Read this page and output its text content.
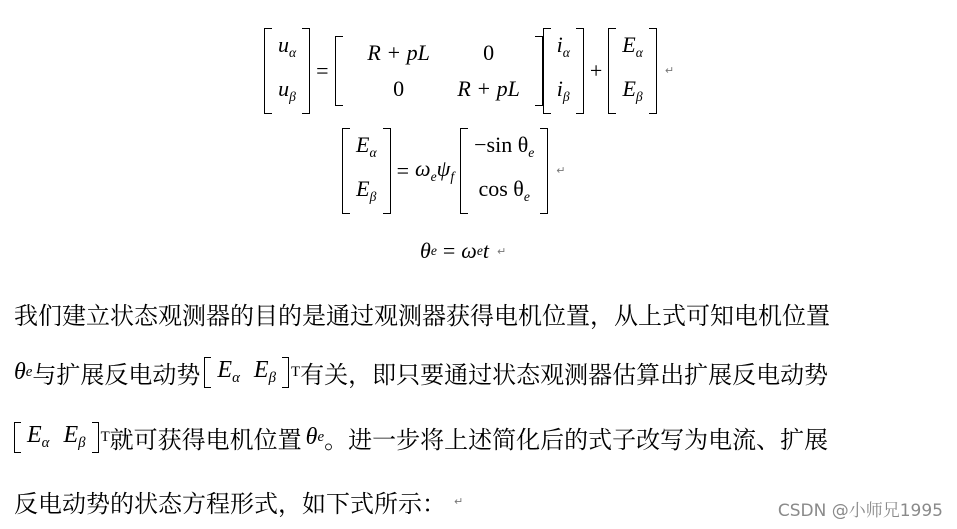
$u_\alpha$
$u_\beta$
=
R + pL	0
0	R + pL
$i_\alpha$
$i_\beta$
+
$E_\alpha$
$E_\beta$
↵
$E_\alpha$
$E_\beta$
= $\omega_e\psi_f$
−sin $\theta_e$
$\cos \theta_e$
↵
θ e = ω e t ↵
我们建立状态观测器的目的是通过观测器获得电机位置，从上式可知电机位置
θ e 与扩展反电动势 $E_\alpha$ $E_\beta$ T 有关，即只要通过状态观测器估算出扩展反电动势
$E_\alpha$ $E_\beta$ T 就可获得电机位置 θ e 。进一步将上述简化后的式子改写为电流、扩展
反电动势的状态方程形式，如下式所示： ↵	CSDN @小师兄1995
